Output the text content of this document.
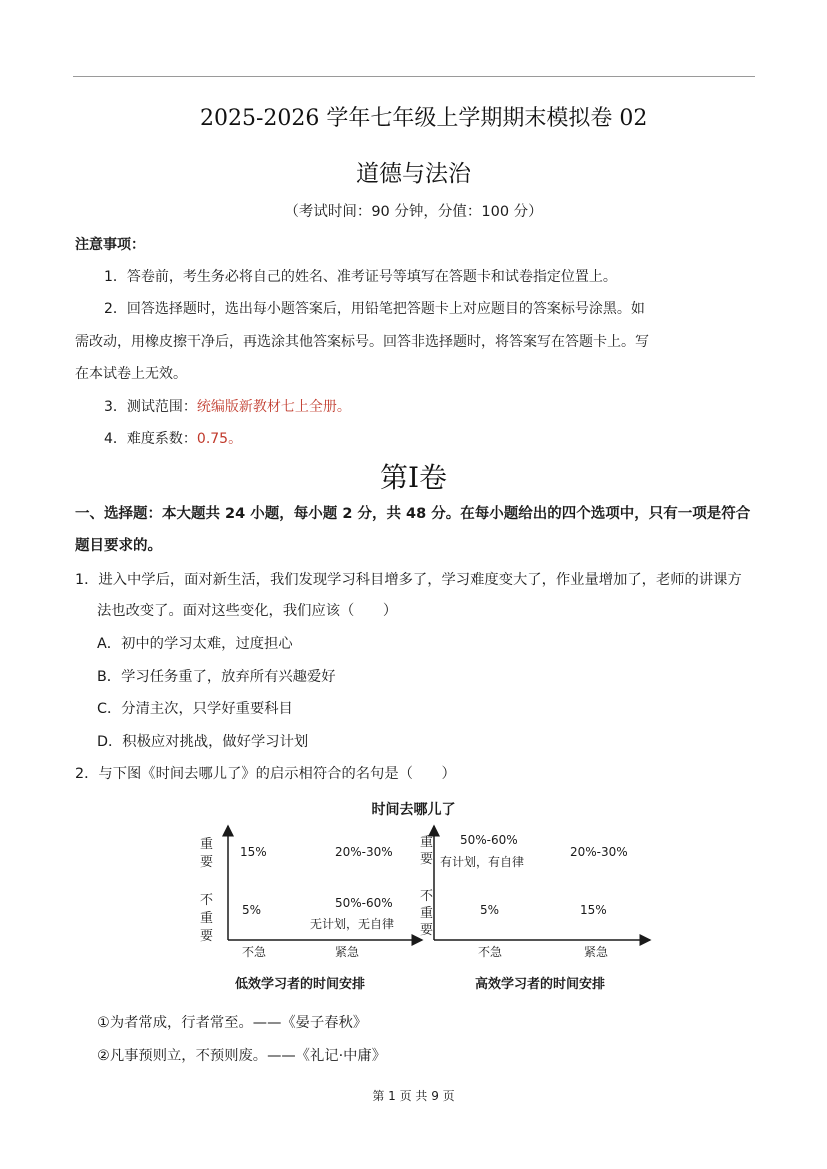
2025-2026 学年七年级上学期期末模拟卷 02
道德与法治
（考试时间：90 分钟，分值：100 分）
注意事项：
1．答卷前，考生务必将自己的姓名、准考证号等填写在答题卡和试卷指定位置上。
2．回答选择题时，选出每小题答案后，用铅笔把答题卡上对应题目的答案标号涂黑。如
需改动，用橡皮擦干净后，再选涂其他答案标号。回答非选择题时，将答案写在答题卡上。写
在本试卷上无效。
3．测试范围：统编版新教材七上全册。
4．难度系数：0.75。
第I卷
一、选择题：本大题共 24 小题，每小题 2 分，共 48 分。在每小题给出的四个选项中，只有一项是符合题目要求的。
1．进入中学后，面对新生活，我们发现学习科目增多了，学习难度变大了，作业量增加了，老师的讲课方
法也改变了。面对这些变化，我们应该（　　）
A．初中的学习太难，过度担心
B．学习任务重了，放弃所有兴趣爱好
C．分清主次，只学好重要科目
D．积极应对挑战，做好学习计划
2．与下图《时间去哪儿了》的启示相符合的名句是（　　）
时间去哪儿了
重
要
不
重
要
15%	20%-30%
5%	50%-60%
无计划，无自律
不急	紧急
重
要
不
重
要
50%-60%
有计划，有自律
20%-30%
5%	15%
不急	紧急
低效学习者的时间安排	高效学习者的时间安排
①为者常成，行者常至。——《晏子春秋》
②凡事预则立，不预则废。——《礼记·中庸》
第 1 页 共 9 页
